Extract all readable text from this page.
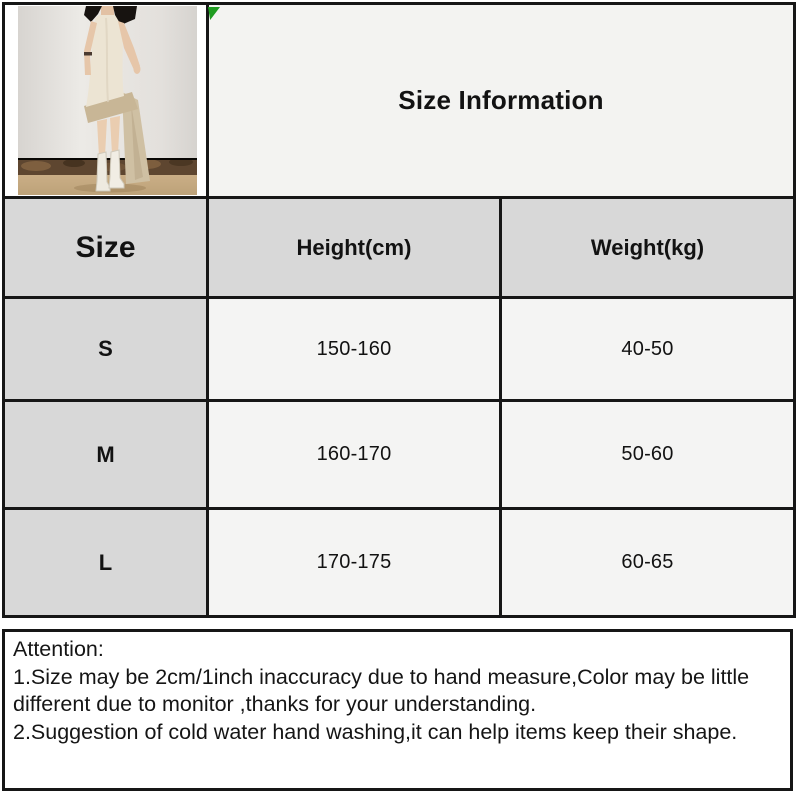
Size Information	

Size	Height(cm)	Weight(kg)
S	150-160	40-50
M	160-170	50-60
L	170-175	60-65
Attention:
1.Size may be 2cm/1inch inaccuracy due to hand measure,Color may be little
different due to monitor ,thanks for your understanding.
2.Suggestion of cold water hand washing,it can help items keep their shape.
